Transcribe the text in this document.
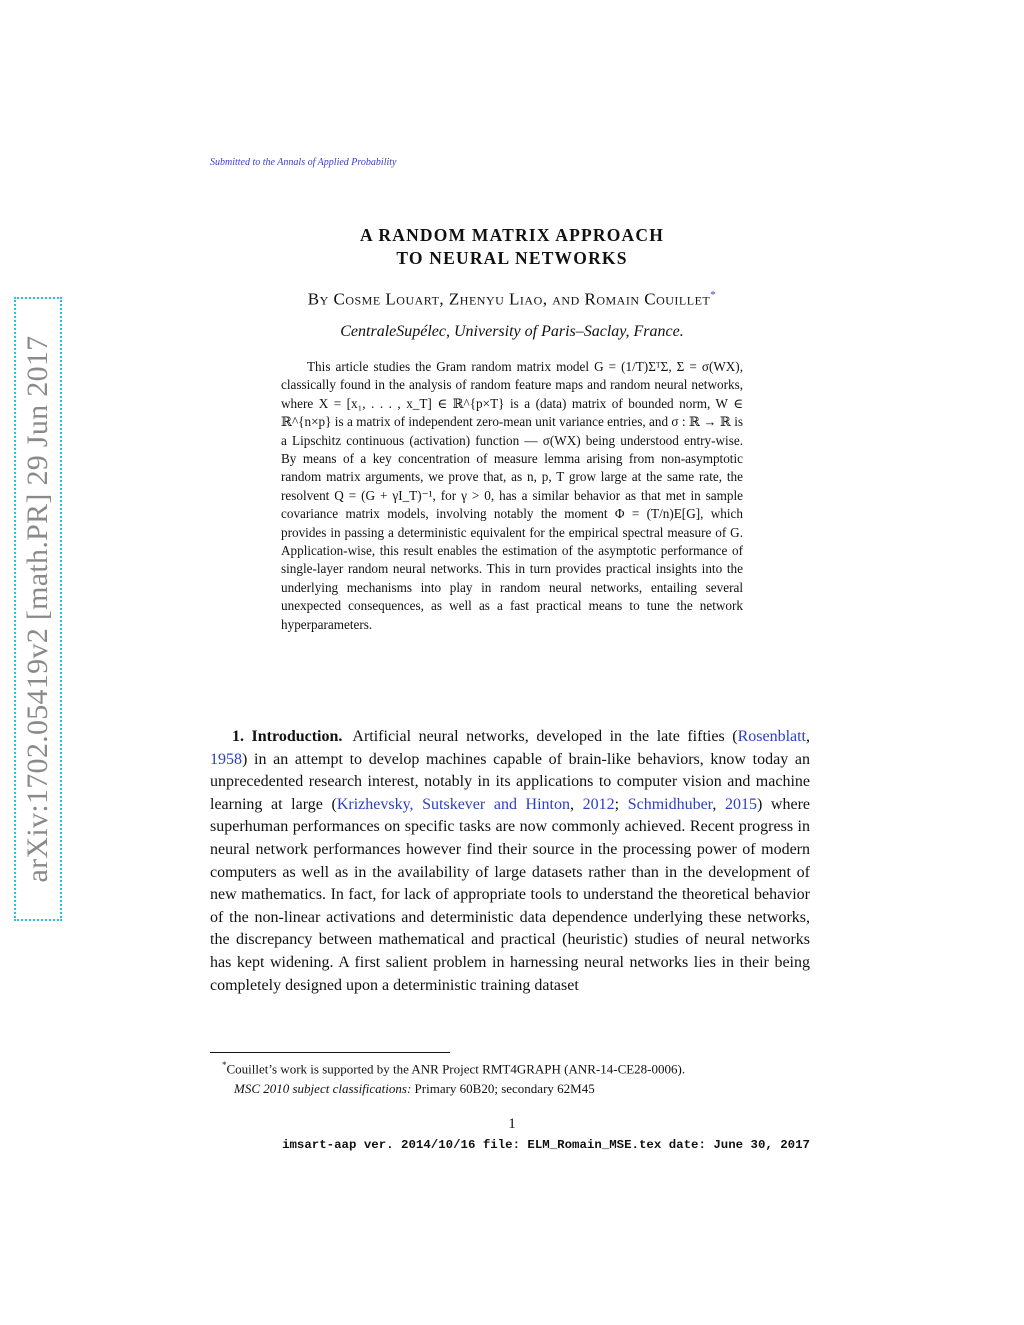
arXiv:1702.05419v2 [math.PR] 29 Jun 2017
Submitted to the Annals of Applied Probability
A RANDOM MATRIX APPROACH
TO NEURAL NETWORKS
By Cosme Louart, Zhenyu Liao, and Romain Couillet*
CentraleSupélec, University of Paris–Saclay, France.

This article studies the Gram random matrix model G = (1/T)ΣᵀΣ, Σ = σ(WX), classically found in the analysis of random feature maps and random neural networks, where X = [x₁, . . . , x_T] ∈ ℝ^{p×T} is a (data) matrix of bounded norm, W ∈ ℝ^{n×p} is a matrix of independent zero-mean unit variance entries, and σ : ℝ → ℝ is a Lipschitz continuous (activation) function — σ(WX) being understood entry-wise. By means of a key concentration of measure lemma arising from non-asymptotic random matrix arguments, we prove that, as n, p, T grow large at the same rate, the resolvent Q = (G + γI_T)⁻¹, for γ > 0, has a similar behavior as that met in sample covariance matrix models, involving notably the moment Φ = (T/n)E[G], which provides in passing a deterministic equivalent for the empirical spectral measure of G. Application-wise, this result enables the estimation of the asymptotic performance of single-layer random neural networks. This in turn provides practical insights into the underlying mechanisms into play in random neural networks, entailing several unexpected consequences, as well as a fast practical means to tune the network hyperparameters.

1. Introduction. Artificial neural networks, developed in the late fifties (Rosenblatt, 1958) in an attempt to develop machines capable of brain-like behaviors, know today an unprecedented research interest, notably in its applications to computer vision and machine learning at large (Krizhevsky, Sutskever and Hinton, 2012; Schmidhuber, 2015) where superhuman performances on specific tasks are now commonly achieved. Recent progress in neural network performances however find their source in the processing power of modern computers as well as in the availability of large datasets rather than in the development of new mathematics. In fact, for lack of appropriate tools to understand the theoretical behavior of the non-linear activations and deterministic data dependence underlying these networks, the discrepancy between mathematical and practical (heuristic) studies of neural networks has kept widening. A first salient problem in harnessing neural networks lies in their being completely designed upon a deterministic training dataset

*Couillet’s work is supported by the ANR Project RMT4GRAPH (ANR-14-CE28-0006).

MSC 2010 subject classifications: Primary 60B20; secondary 62M45

1
imsart-aap ver. 2014/10/16 file: ELM_Romain_MSE.tex date: June 30, 2017
